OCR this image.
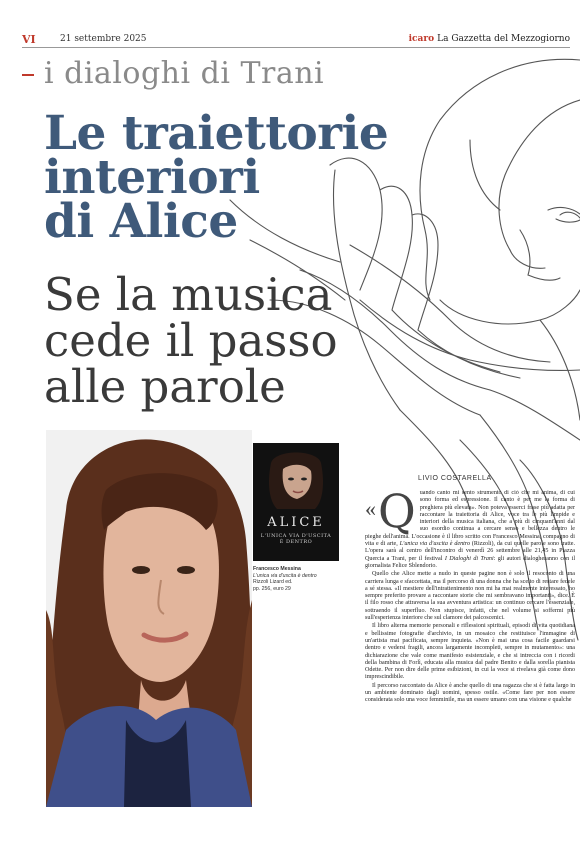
VI	21 settembre 2025	icaro La Gazzetta del Mezzogiorno
i dialoghi di Trani
Le traiettorie
interiori
di Alice
Se la musica
cede il passo
alle parole
ALICE
L'UNICA VIA D'USCITA
È DENTRO
Francesco Messina
L'unica via d'uscita è dentro
Rizzoli Lizard ed.
pp. 256, euro 29
LIVIO COSTARELLA
« Q uando canto mi sento strumento di ciò che mi anima, di cui sono forma ed espressione. Il canto è per me la forma di preghiera più elevata». Non poteva esserci frase più adatta per raccontare la traiettoria di Alice, voce tra le più limpide e interiori della musica italiana, che a più di cinquant'anni dal suo esordio continua a cercare senso e bellezza dentro le pieghe dell'anima. L'occasione è il libro scritto con Francesco Messina, compagno di vita e di arte, L'unica via d'uscita è dentro (Rizzoli), da cui quelle parole sono tratte. L'opera sarà al centro dell'incontro di venerdì 26 settembre alle 21,45 in Piazza Quercia a Trani, per il festival I Dialoghi di Trani: gli autori dialogheranno con il giornalista Felice Sblendorio.

Quello che Alice mette a nudo in queste pagine non è solo il resoconto di una carriera lunga e sfaccettata, ma il percorso di una donna che ha scelto di restare fedele a sé stessa. «Il mestiere dell'intrattenimento non mi ha mai realmente interessato, ho sempre preferito provare a raccontare storie che mi sembravano importanti», dice. È il filo rosso che attraversa la sua avventura artistica: un continuo cercare l'essenziale, sottraendo il superfluo. Non stupisce, infatti, che nel volume si soffermi più sull'esperienza interiore che sul clamore dei palcoscenici.

Il libro alterna memorie personali e riflessioni spirituali, episodi di vita quotidiana e bellissime fotografie d'archivio, in un mosaico che restituisce l'immagine di un'artista mai pacificata, sempre inquieta. «Non è mai una cosa facile guardarsi dentro e vedersi fragili, ancora largamente incompleti, sempre in mutamento»: una dichiarazione che vale come manifesto esistenziale, e che si intreccia con i ricordi della bambina di Forlì, educata alla musica dal padre Benito e dalla sorella pianista Odette. Per non dire delle prime esibizioni, in cui la voce si rivelava già come dono imprescindibile.

Il percorso raccontato da Alice è anche quello di una ragazza che si è fatta largo in un ambiente dominato dagli uomini, spesso ostile. «Come fare per non essere considerata solo una voce femminile, ma un essere umano con una visione e qualche
